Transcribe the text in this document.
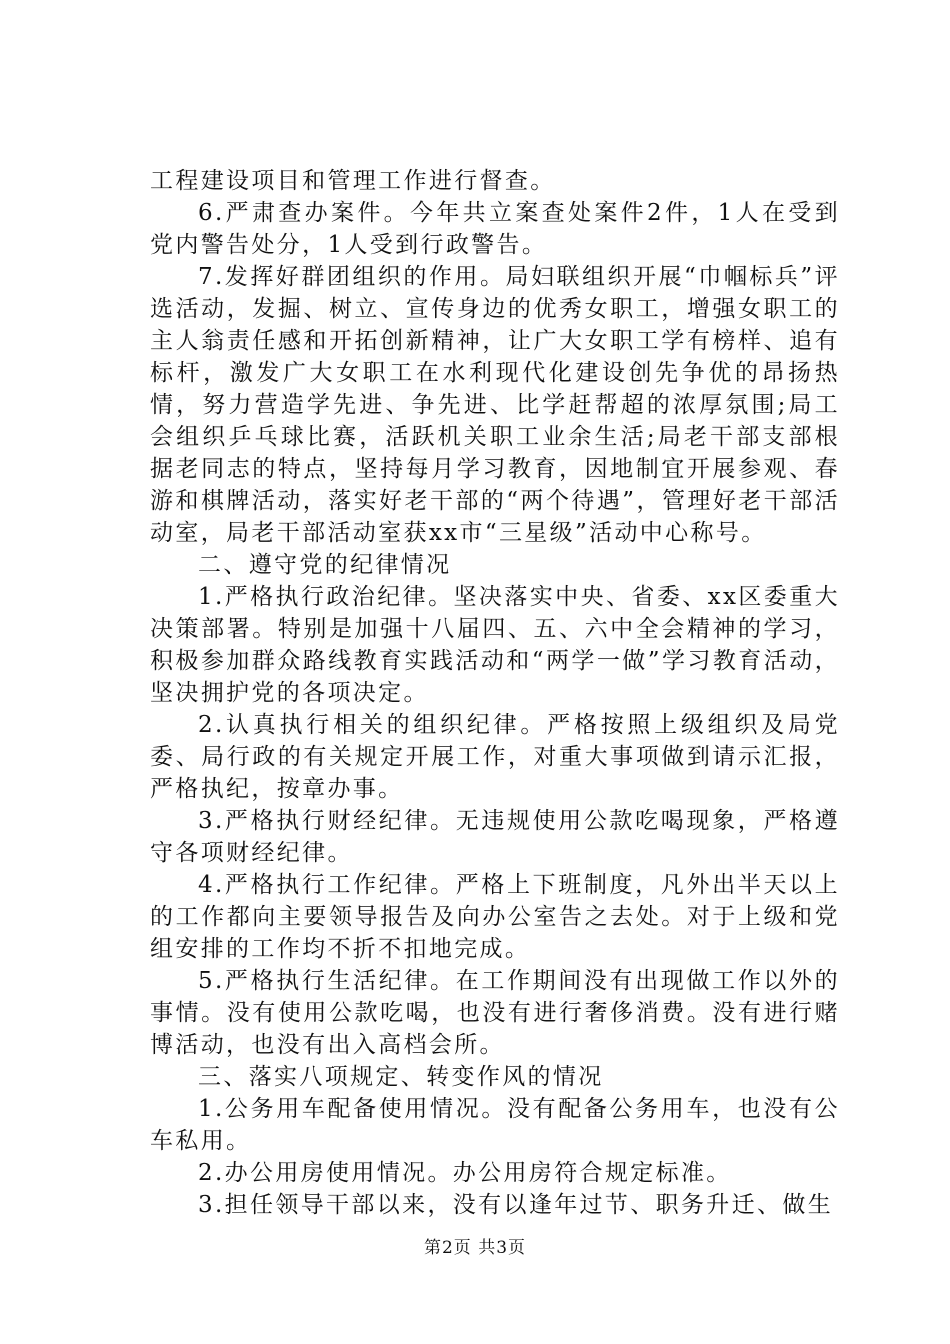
工程建设项目和管理工作进行督查。

6.严肃查办案件。今年共立案查处案件2件，1人在受到党内警告处分，1人受到行政警告。

7.发挥好群团组织的作用。局妇联组织开展“巾帼标兵”评选活动，发掘、树立、宣传身边的优秀女职工，增强女职工的主人翁责任感和开拓创新精神，让广大女职工学有榜样、追有标杆，激发广大女职工在水利现代化建设创先争优的昂扬热情，努力营造学先进、争先进、比学赶帮超的浓厚氛围;局工会组织乒乓球比赛，活跃机关职工业余生活;局老干部支部根据老同志的特点，坚持每月学习教育，因地制宜开展参观、春游和棋牌活动，落实好老干部的“两个待遇”，管理好老干部活动室，局老干部活动室获xx市“三星级”活动中心称号。

二、遵守党的纪律情况

1.严格执行政治纪律。坚决落实中央、省委、xx区委重大决策部署。特别是加强十八届四、五、六中全会精神的学习，积极参加群众路线教育实践活动和“两学一做”学习教育活动，坚决拥护党的各项决定。

2.认真执行相关的组织纪律。严格按照上级组织及局党委、局行政的有关规定开展工作，对重大事项做到请示汇报，严格执纪，按章办事。

3.严格执行财经纪律。无违规使用公款吃喝现象，严格遵守各项财经纪律。

4.严格执行工作纪律。严格上下班制度，凡外出半天以上的工作都向主要领导报告及向办公室告之去处。对于上级和党组安排的工作均不折不扣地完成。

5.严格执行生活纪律。在工作期间没有出现做工作以外的事情。没有使用公款吃喝，也没有进行奢侈消费。没有进行赌博活动，也没有出入高档会所。

三、落实八项规定、转变作风的情况

1.公务用车配备使用情况。没有配备公务用车，也没有公车私用。

2.办公用房使用情况。办公用房符合规定标准。

3.担任领导干部以来，没有以逢年过节、职务升迁、做生

第2页 共3页
